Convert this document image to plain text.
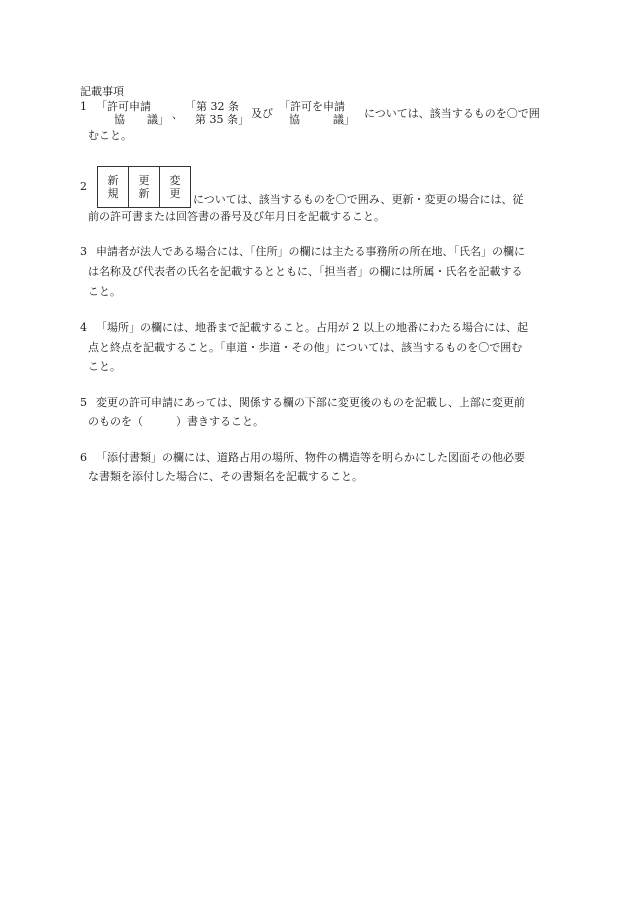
記載事項
1 「許可申請
協　　議」 、
「第 32 条
第 35 条」 及び
「許可を申請
協　　　議」 については、該当するものを〇で囲
むこと。
2 新
規
更
新
変
更 については、該当するものを〇で囲み、更新・変更の場合には、従
前の許可書または回答書の番号及び年月日を記載すること。
3 申請者が法人である場合には、「住所」の欄には主たる事務所の所在地、「氏名」の欄に
は名称及び代表者の氏名を記載するとともに、「担当者」の欄には所属・氏名を記載する
こと。
4 「場所」の欄には、地番まで記載すること。占用が 2 以上の地番にわたる場合には、起
点と終点を記載すること。「車道・歩道・その他」については、該当するものを〇で囲む
こと。
5 変更の許可申請にあっては、関係する欄の下部に変更後のものを記載し、上部に変更前
のものを（　　　）書きすること。
6 「添付書類」の欄には、道路占用の場所、物件の構造等を明らかにした図面その他必要
な書類を添付した場合に、その書類名を記載すること。
